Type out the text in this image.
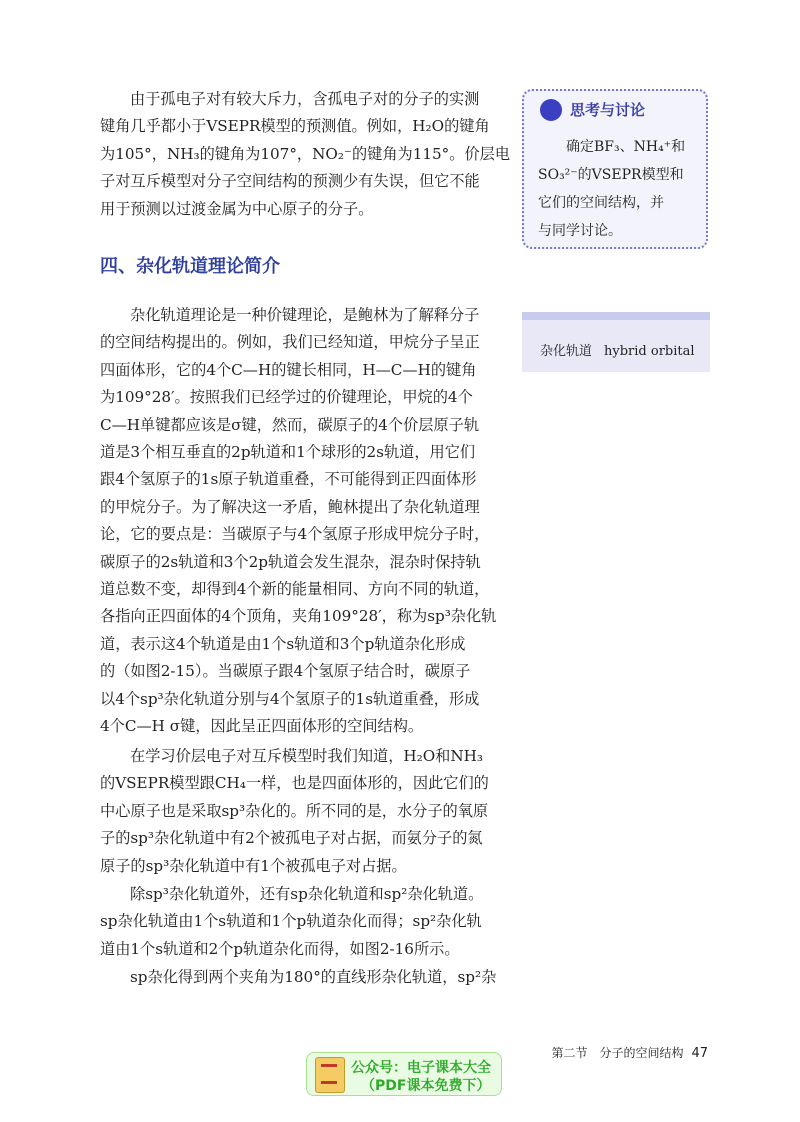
由于孤电子对有较大斥力，含孤电子对的分子的实测
键角几乎都小于VSEPR模型的预测值。例如，H₂O的键角
为105°，NH₃的键角为107°，NO₂⁻的键角为115°。价层电
子对互斥模型对分子空间结构的预测少有失误，但它不能
用于预测以过渡金属为中心原子的分子。

四、杂化轨道理论简介

杂化轨道理论是一种价键理论，是鲍林为了解释分子
的空间结构提出的。例如，我们已经知道，甲烷分子呈正
四面体形，它的4个C—H的键长相同，H—C—H的键角
为109°28′。按照我们已经学过的价键理论，甲烷的4个
C—H单键都应该是σ键，然而，碳原子的4个价层原子轨
道是3个相互垂直的2p轨道和1个球形的2s轨道，用它们
跟4个氢原子的1s原子轨道重叠，不可能得到正四面体形
的甲烷分子。为了解决这一矛盾，鲍林提出了杂化轨道理
论，它的要点是：当碳原子与4个氢原子形成甲烷分子时，
碳原子的2s轨道和3个2p轨道会发生混杂，混杂时保持轨
道总数不变，却得到4个新的能量相同、方向不同的轨道，
各指向正四面体的4个顶角，夹角109°28′，称为sp³杂化轨
道，表示这4个轨道是由1个s轨道和3个p轨道杂化形成
的（如图2-15）。当碳原子跟4个氢原子结合时，碳原子
以4个sp³杂化轨道分别与4个氢原子的1s轨道重叠，形成
4个C—H σ键，因此呈正四面体形的空间结构。

在学习价层电子对互斥模型时我们知道，H₂O和NH₃
的VSEPR模型跟CH₄一样，也是四面体形的，因此它们的
中心原子也是采取sp³杂化的。所不同的是，水分子的氧原
子的sp³杂化轨道中有2个被孤电子对占据，而氨分子的氮
原子的sp³杂化轨道中有1个被孤电子对占据。

除sp³杂化轨道外，还有sp杂化轨道和sp²杂化轨道。
sp杂化轨道由1个s轨道和1个p轨道杂化而得；sp²杂化轨
道由1个s轨道和2个p轨道杂化而得，如图2-16所示。

sp杂化得到两个夹角为180°的直线形杂化轨道，sp²杂

思考与讨论
确定BF₃、NH₄⁺和
SO₃²⁻的VSEPR模型和
它们的空间结构，并
与同学讨论。
杂化轨道 hybrid orbital
第二节　分子的空间结构 47
公众号：电子课本大全
（PDF课本免费下）
